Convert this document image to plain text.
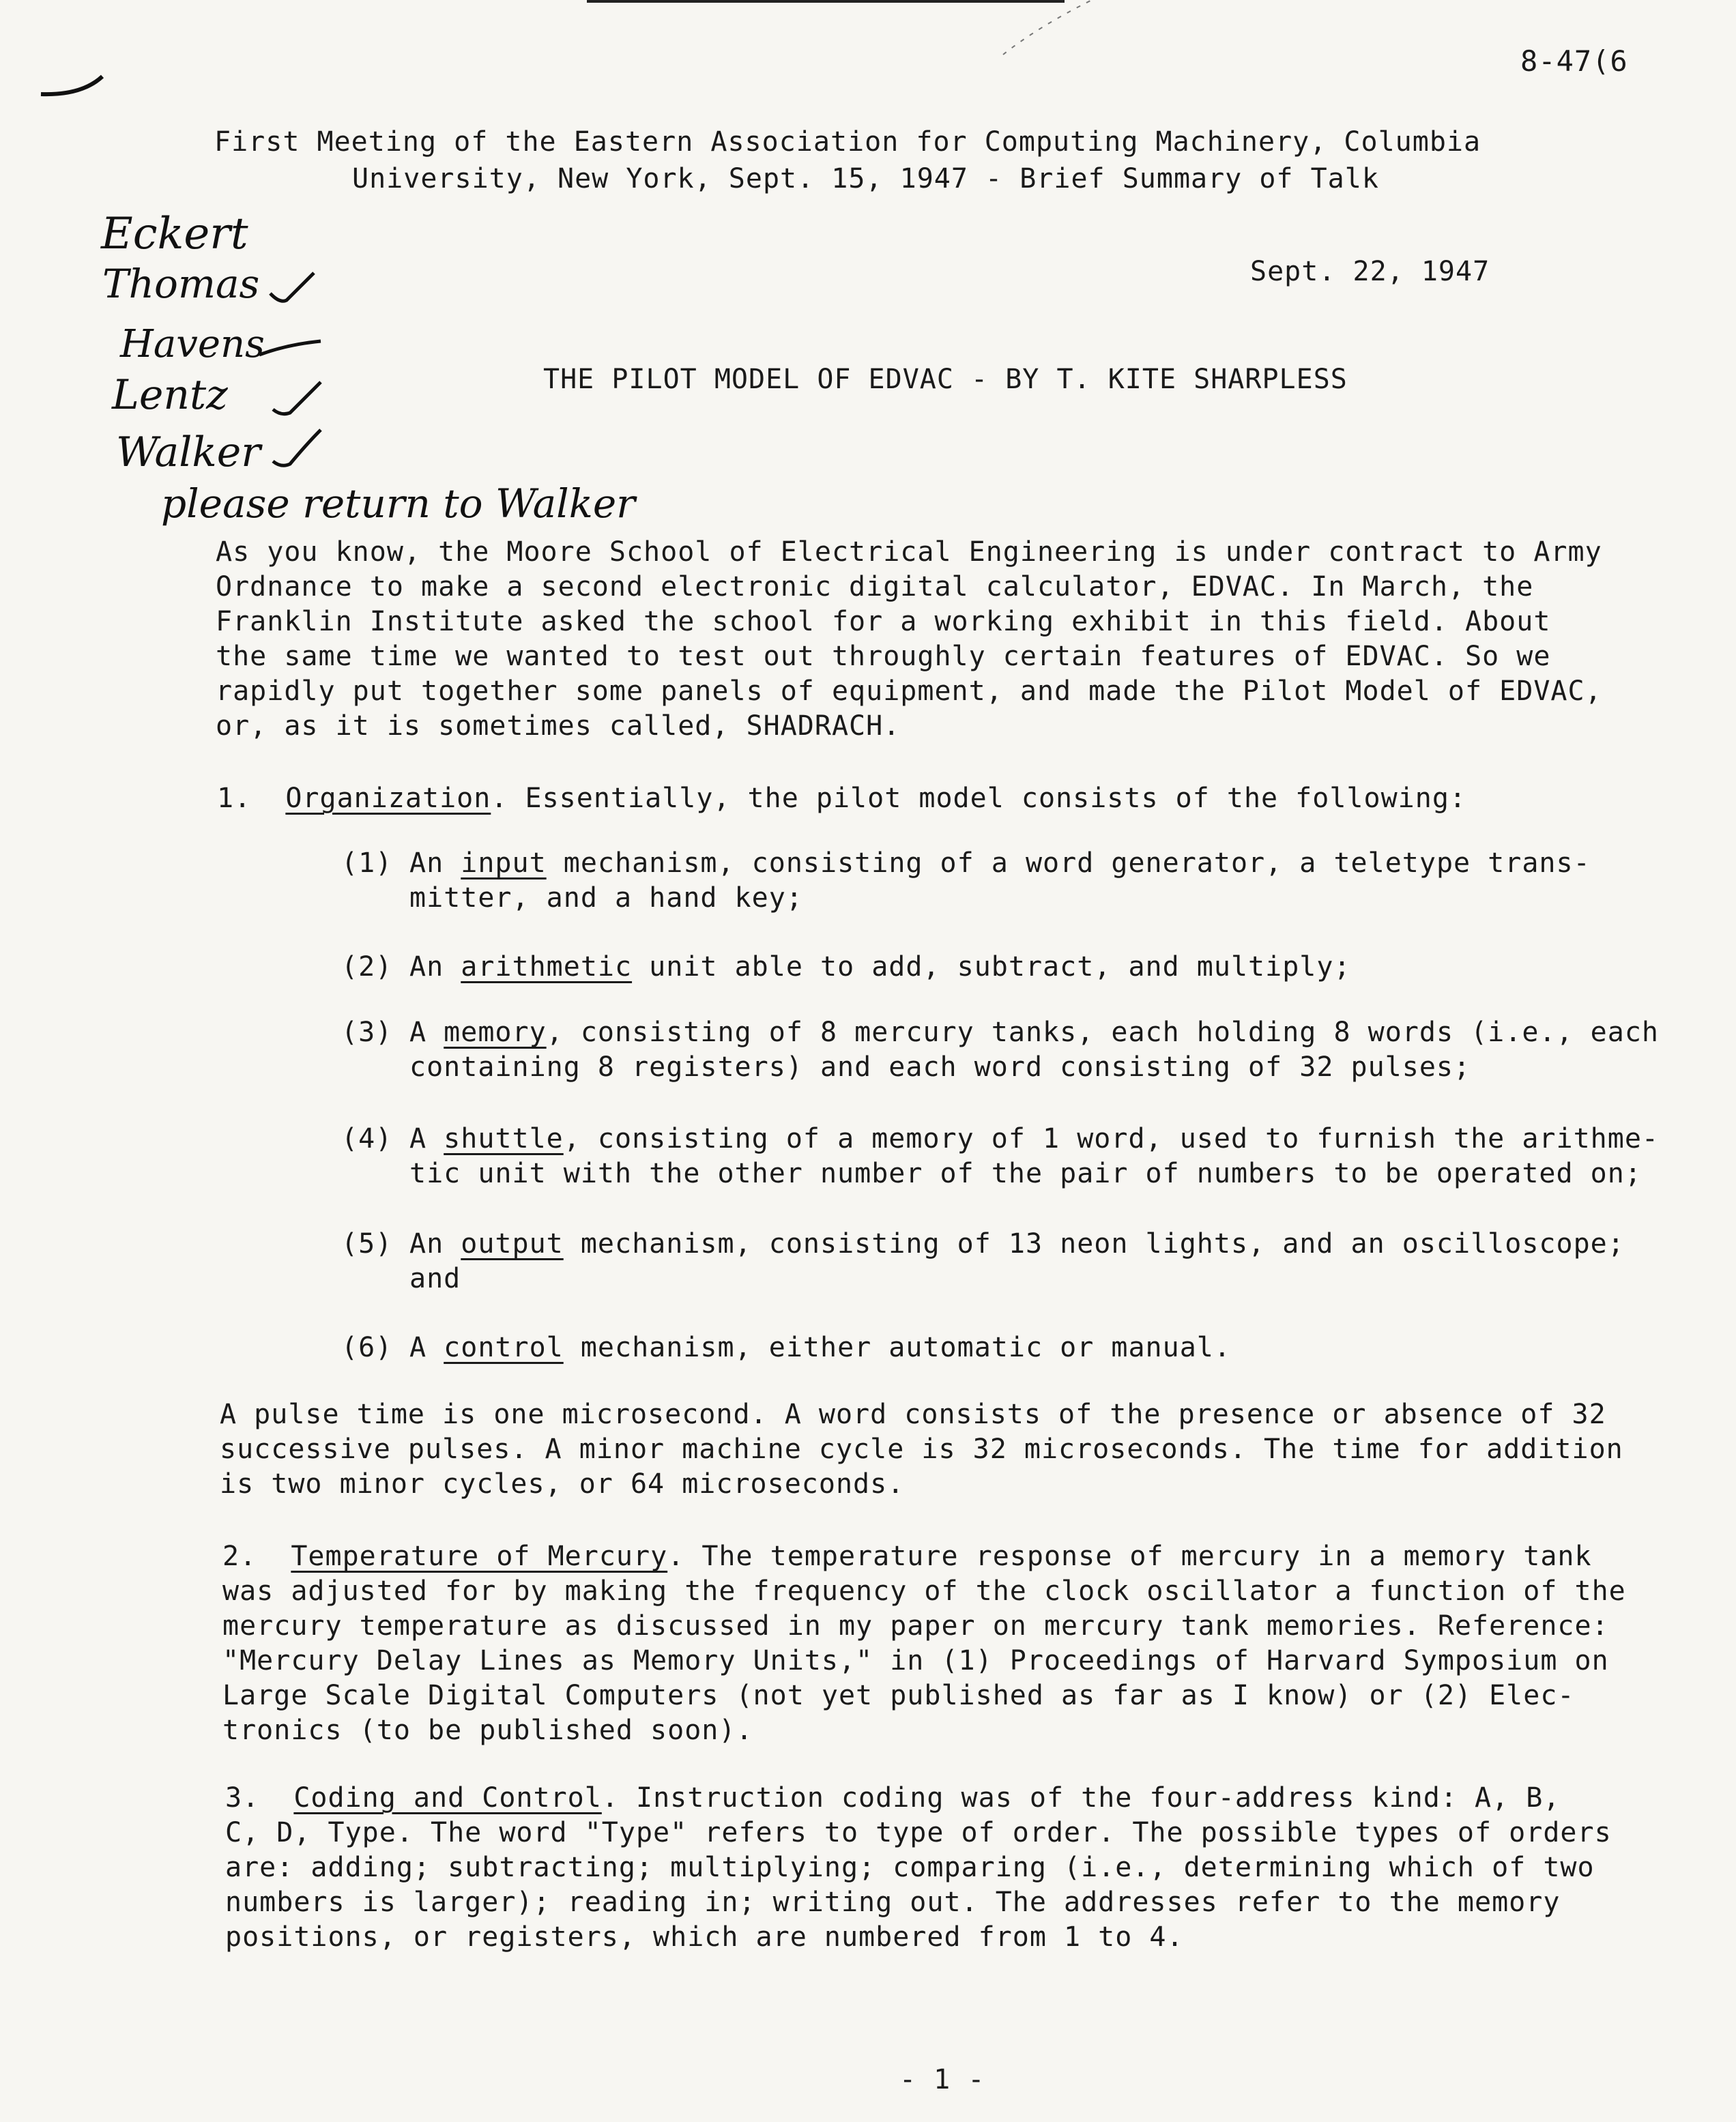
8-47(6
First Meeting of the Eastern Association for Computing Machinery, Columbia
University, New York, Sept. 15, 1947 - Brief Summary of Talk
Sept. 22, 1947
THE PILOT MODEL OF EDVAC - BY T. KITE SHARPLESS
Eckert
Thomas
Havens
Lentz
Walker
please return to Walker
As you know, the Moore School of Electrical Engineering is under contract to Army
Ordnance to make a second electronic digital calculator, EDVAC. In March, the
Franklin Institute asked the school for a working exhibit in this field. About
the same time we wanted to test out throughly certain features of EDVAC. So we
rapidly put together some panels of equipment, and made the Pilot Model of EDVAC,
or, as it is sometimes called, SHADRACH.
1. Organization. Essentially, the pilot model consists of the following:
(1) An input mechanism, consisting of a word generator, a teletype trans-
mitter, and a hand key;
(2) An arithmetic unit able to add, subtract, and multiply;
(3) A memory, consisting of 8 mercury tanks, each holding 8 words (i.e., each
containing 8 registers) and each word consisting of 32 pulses;
(4) A shuttle, consisting of a memory of 1 word, used to furnish the arithme-
tic unit with the other number of the pair of numbers to be operated on;
(5) An output mechanism, consisting of 13 neon lights, and an oscilloscope;
and
(6) A control mechanism, either automatic or manual.
A pulse time is one microsecond. A word consists of the presence or absence of 32
successive pulses. A minor machine cycle is 32 microseconds. The time for addition
is two minor cycles, or 64 microseconds.
2. Temperature of Mercury. The temperature response of mercury in a memory tank
was adjusted for by making the frequency of the clock oscillator a function of the
mercury temperature as discussed in my paper on mercury tank memories. Reference:
"Mercury Delay Lines as Memory Units," in (1) Proceedings of Harvard Symposium on
Large Scale Digital Computers (not yet published as far as I know) or (2) Elec-
tronics (to be published soon).
3. Coding and Control. Instruction coding was of the four-address kind: A, B,
C, D, Type. The word "Type" refers to type of order. The possible types of orders
are: adding; subtracting; multiplying; comparing (i.e., determining which of two
numbers is larger); reading in; writing out. The addresses refer to the memory
positions, or registers, which are numbered from 1 to 4.
- 1 -
